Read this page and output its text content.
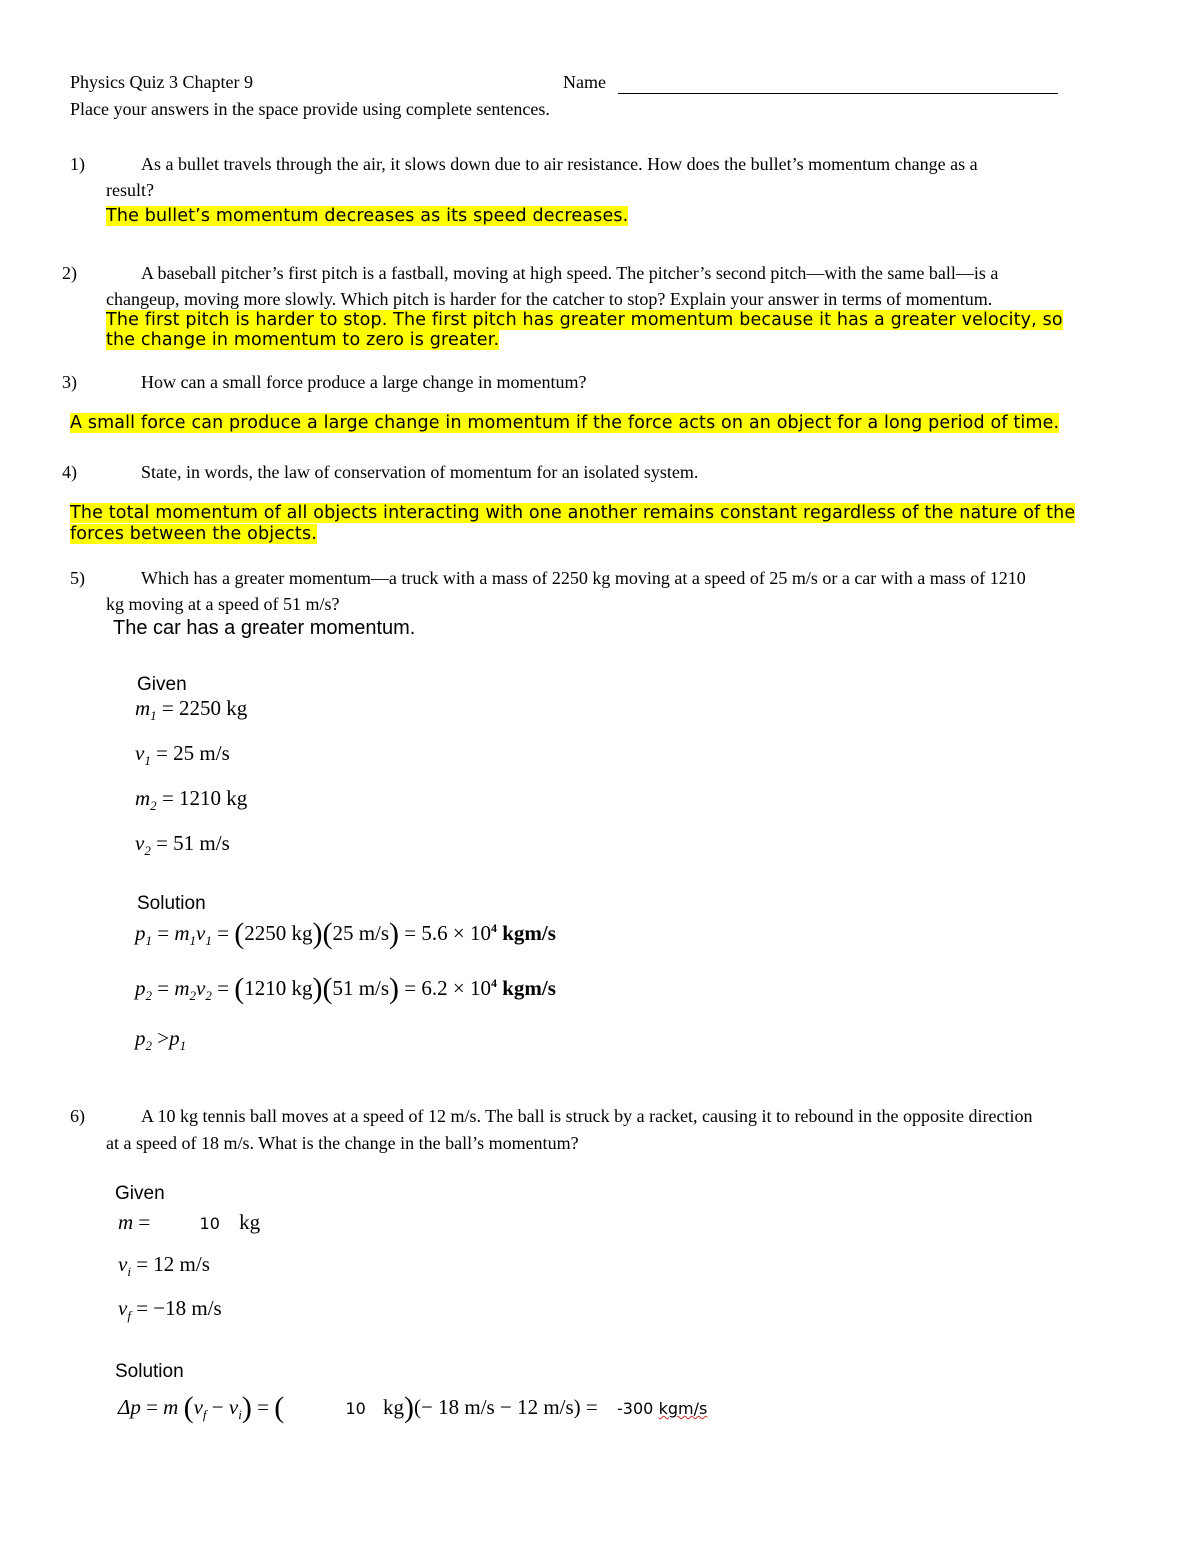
Physics Quiz 3 Chapter 9	Name
Place your answers in the space provide using complete sentences.
1)	As a bullet travels through the air, it slows down due to air resistance. How does the bullet’s momentum change as a
result?
The bullet’s momentum decreases as its speed decreases.
2)	A baseball pitcher’s first pitch is a fastball, moving at high speed. The pitcher’s second pitch—with the same ball—is a
changeup, moving more slowly. Which pitch is harder for the catcher to stop? Explain your answer in terms of momentum.
The first pitch is harder to stop. The first pitch has greater momentum because it has a greater velocity, so
the change in momentum to zero is greater.
3)	How can a small force produce a large change in momentum?
A small force can produce a large change in momentum if the force acts on an object for a long period of time.
4)	State, in words, the law of conservation of momentum for an isolated system.
The total momentum of all objects interacting with one another remains constant regardless of the nature of the
forces between the objects.
5)	Which has a greater momentum—a truck with a mass of 2250 kg moving at a speed of 25 m/s or a car with a mass of 1210
kg moving at a speed of 51 m/s?
The car has a greater momentum.
Given
$m_1 = 2250$ kg
$v_1 = 25$ m/s
$m_2 = 1210$ kg
$v_2 = 51$ m/s
Solution
$p_1 = m_1v_1 = (2250$ kg)(25 $m/s) = 5.6 \times 10^4$ kgm/s
$p_2 = m_2v_2 = (1210$ kg)(51 $m/s) = 6.2 \times 10^4$ kgm/s
$p_2 >p_1$
6)	A 10 kg tennis ball moves at a speed of 12 m/s. The ball is struck by a racket, causing it to rebound in the opposite direction
at a speed of 18 m/s. What is the change in the ball’s momentum?
Given
m =	10 kg
$v_i = 12$ m/s
$v_f = -18$ m/s
Solution
Δp = m $(v_f - v_i)$ = (	10 kg)(− 18 m/s − 12 m/s) = -300 kgm/s
